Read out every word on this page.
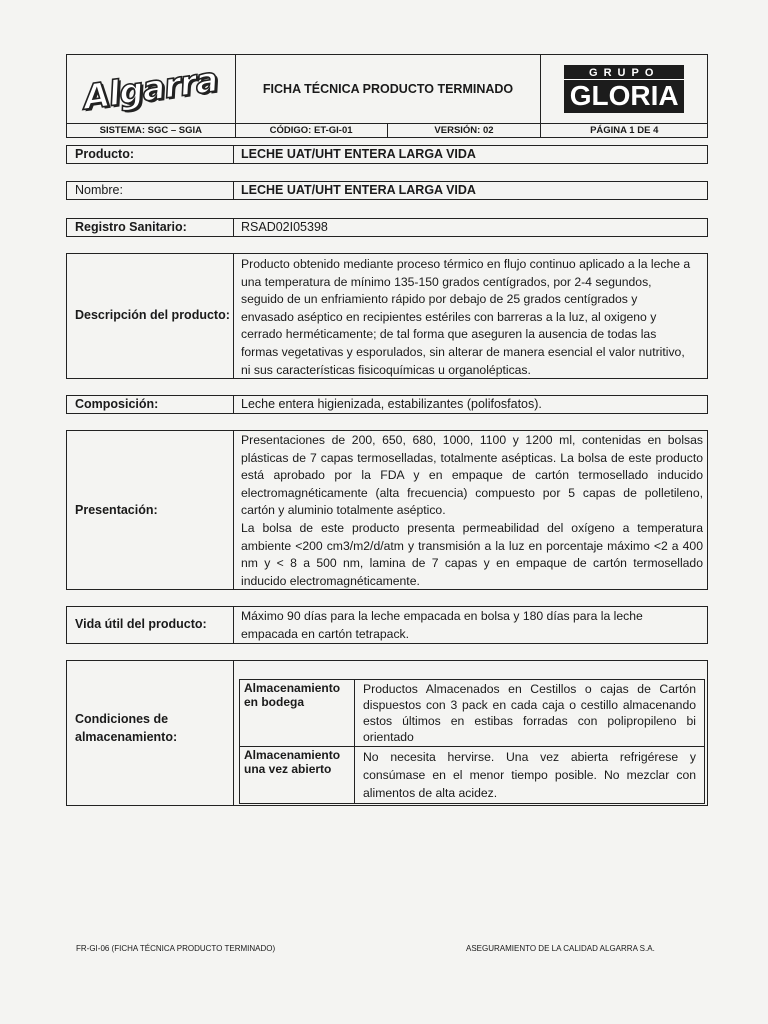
Algarra	FICHA TÉCNICA PRODUCTO TERMINADO		GRUPO
GLORIA

SISTEMA: SGC – SGIA	CÓDIGO: ET-GI-01	VERSIÓN: 02	PÁGINA 1 DE 4
Producto:	LECHE UAT/UHT ENTERA LARGA VIDA
Nombre:	LECHE UAT/UHT ENTERA LARGA VIDA
Registro Sanitario:	RSAD02I05398
Descripción del producto:
Producto obtenido mediante proceso térmico en flujo continuo aplicado a la leche a una temperatura de mínimo 135-150 grados centígrados, por 2-4 segundos, seguido de un enfriamiento rápido por debajo de 25 grados centígrados y envasado aséptico en recipientes estériles con barreras a la luz, al oxigeno y cerrado herméticamente; de tal forma que aseguren la ausencia de todas las formas vegetativas y esporulados, sin alterar de manera esencial el valor nutritivo, ni sus características fisicoquímicas u organolépticas.
Composición:	Leche entera higienizada, estabilizantes (polifosfatos).
Presentación:
Presentaciones de 200, 650, 680, 1000, 1100 y 1200 ml, contenidas en bolsas plásticas de 7 capas termoselladas, totalmente asépticas. La bolsa de este producto está aprobado por la FDA y en empaque de cartón termosellado inducido electromagnéticamente (alta frecuencia) compuesto por 5 capas de polletileno, cartón y aluminio totalmente aséptico.
La bolsa de este producto presenta permeabilidad del oxígeno a temperatura ambiente <200 cm3/m2/d/atm y transmisión a la luz en porcentaje máximo <2 a 400 nm y < 8 a 500 nm, lamina de 7 capas y en empaque de cartón termosellado inducido electromagnéticamente.
Vida útil del producto:
Máximo 90 días para la leche empacada en bolsa y 180 días para la leche empacada en cartón tetrapack.
Condiciones de almacenamiento:
Almacenamiento en bodega	Productos Almacenados en Cestillos o cajas de Cartón dispuestos con 3 pack en cada caja o cestillo almacenando estos últimos en estibas forradas con polipropileno bi orientado
Almacenamiento una vez abierto	No necesita hervirse. Una vez abierta refrigérese y consúmase en el menor tiempo posible. No mezclar con alimentos de alta acidez.
FR-GI-06 (FICHA TÉCNICA PRODUCTO TERMINADO)	ASEGURAMIENTO DE LA CALIDAD ALGARRA S.A.
